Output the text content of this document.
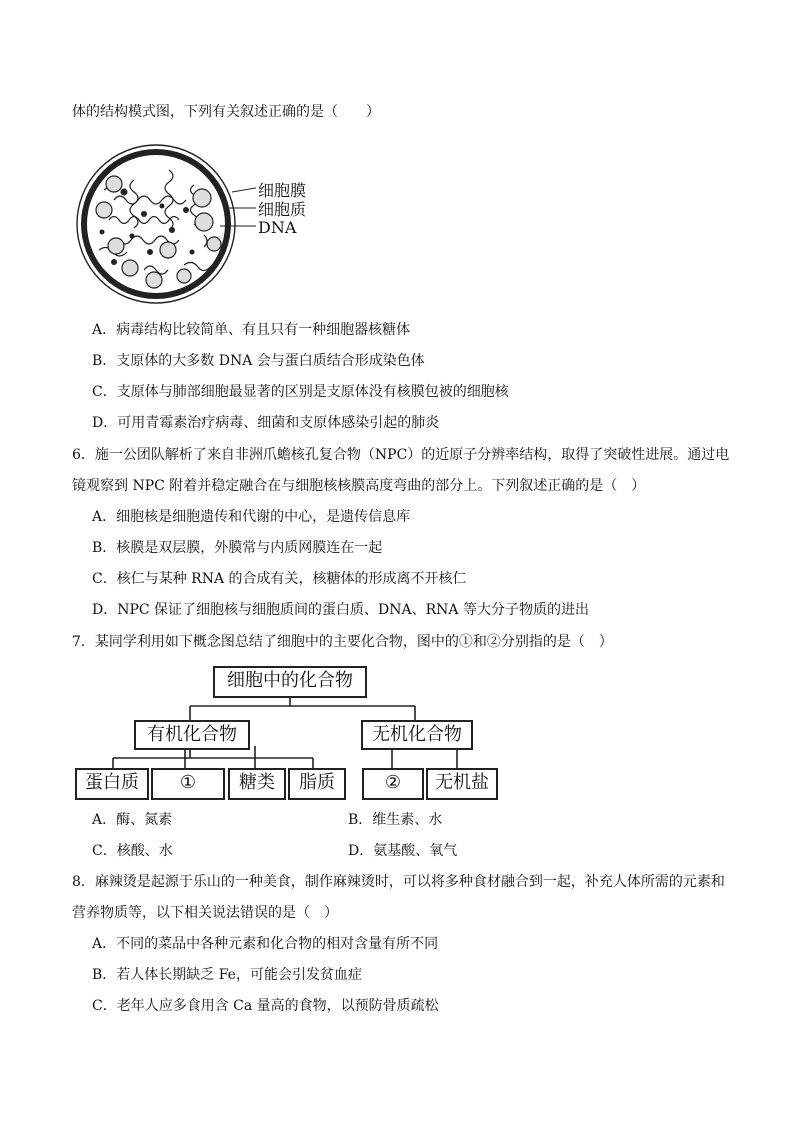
体的结构模式图，下列有关叙述正确的是（　　）
细胞膜
细胞质
DNA
A．病毒结构比较简单、有且只有一种细胞器核糖体
B．支原体的大多数 DNA 会与蛋白质结合形成染色体
C．支原体与肺部细胞最显著的区别是支原体没有核膜包被的细胞核
D．可用青霉素治疗病毒、细菌和支原体感染引起的肺炎
6．施一公团队解析了来自非洲爪蟾核孔复合物（NPC）的近原子分辨率结构，取得了突破性进展。通过电
镜观察到 NPC 附着并稳定融合在与细胞核核膜高度弯曲的部分上。下列叙述正确的是（　）
A．细胞核是细胞遗传和代谢的中心，是遗传信息库
B．核膜是双层膜，外膜常与内质网膜连在一起
C．核仁与某种 RNA 的合成有关，核糖体的形成离不开核仁
D．NPC 保证了细胞核与细胞质间的蛋白质、DNA、RNA 等大分子物质的进出
7．某同学利用如下概念图总结了细胞中的主要化合物，图中的①和②分别指的是（　）
细胞中的化合物
有机化合物	无机化合物
蛋白质	①	糖类	脂质	②	无机盐
A．酶、氮素	B．维生素、水
C．核酸、水	D．氨基酸、氧气
8．麻辣烫是起源于乐山的一种美食，制作麻辣烫时，可以将多种食材融合到一起，补充人体所需的元素和
营养物质等，以下相关说法错误的是（　）
A．不同的菜品中各种元素和化合物的相对含量有所不同
B．若人体长期缺乏 Fe，可能会引发贫血症
C．老年人应多食用含 Ca 量高的食物，以预防骨质疏松
